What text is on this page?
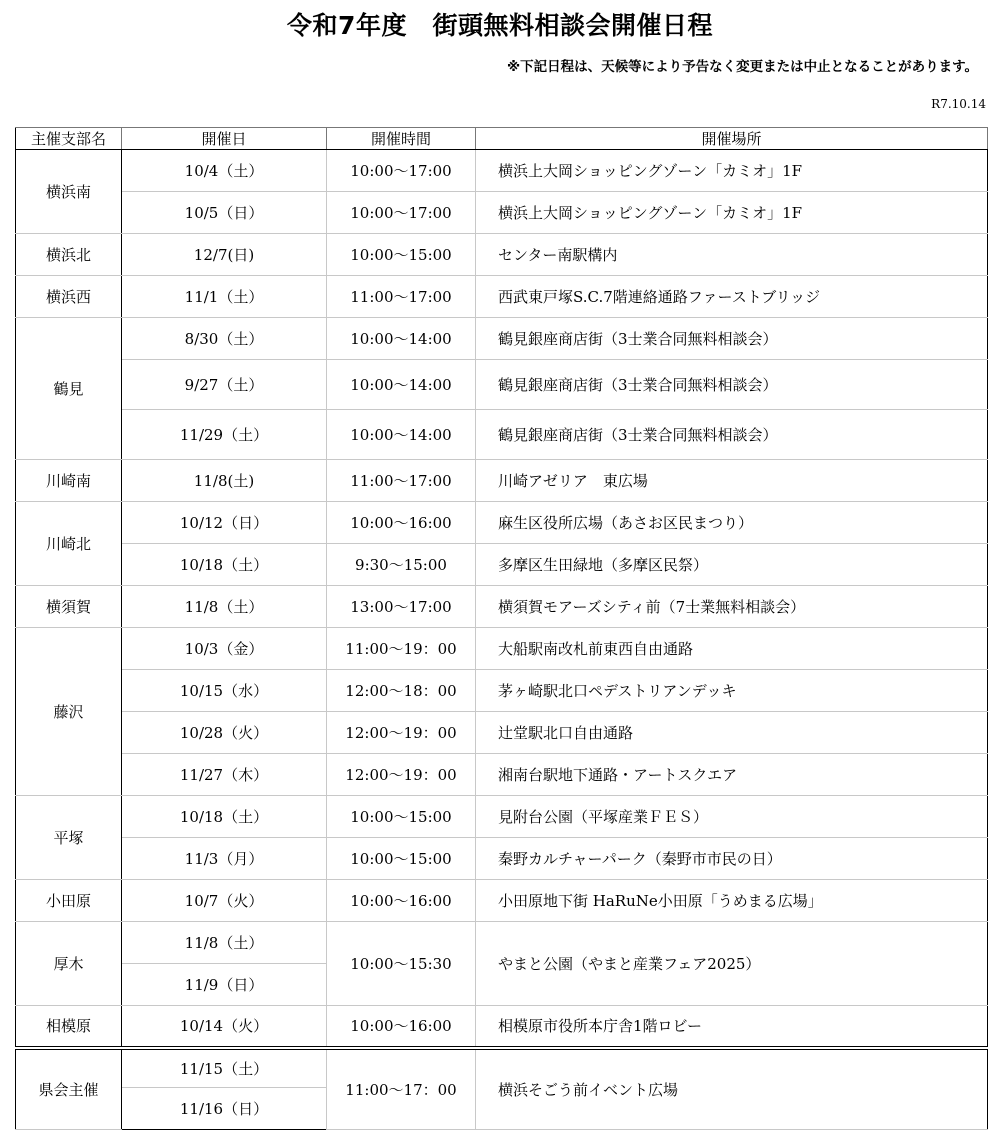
令和7年度　街頭無料相談会開催日程
※下記日程は、天候等により予告なく変更または中止となることがあります。
R7.10.14
主催支部名	開催日	開催時間	開催場所
横浜南	10/4（土）	10:00〜17:00	横浜上大岡ショッピングゾーン「カミオ」1F
	10/5（日）	10:00〜17:00	横浜上大岡ショッピングゾーン「カミオ」1F
横浜北	12/7(日)	10:00〜15:00	センター南駅構内
横浜西	11/1（土）	11:00〜17:00	西武東戸塚S.C.7階連絡通路ファーストブリッジ
鶴見	8/30（土）	10:00〜14:00	鶴見銀座商店街（3士業合同無料相談会）
	9/27（土）	10:00〜14:00	鶴見銀座商店街（3士業合同無料相談会）
	11/29（土）	10:00〜14:00	鶴見銀座商店街（3士業合同無料相談会）
川崎南	11/8(土)	11:00〜17:00	川崎アゼリア　東広場
川崎北	10/12（日）	10:00〜16:00	麻生区役所広場（あさお区民まつり）
	10/18（土）	9:30〜15:00	多摩区生田緑地（多摩区民祭）
横須賀	11/8（土）	13:00〜17:00	横須賀モアーズシティ前（7士業無料相談会）
藤沢	10/3（金）	11:00〜19：00	大船駅南改札前東西自由通路
	10/15（水）	12:00〜18：00	茅ヶ崎駅北口ペデストリアンデッキ
	10/28（火）	12:00〜19：00	辻堂駅北口自由通路
	11/27（木）	12:00〜19：00	湘南台駅地下通路・アートスクエア
平塚	10/18（土）	10:00〜15:00	見附台公園（平塚産業ＦＥＳ）
	11/3（月）	10:00〜15:00	秦野カルチャーパーク（秦野市市民の日）
小田原	10/7（火）	10:00〜16:00	小田原地下街 HaRuNe小田原「うめまる広場」
厚木	11/8（土）	10:00〜15:30	やまと公園（やまと産業フェア2025）
	11/9（日）		
相模原	10/14（火）	10:00〜16:00	相模原市役所本庁舎1階ロビー
県会主催	11/15（土）	11:00〜17：00	横浜そごう前イベント広場
	11/16（日）		
